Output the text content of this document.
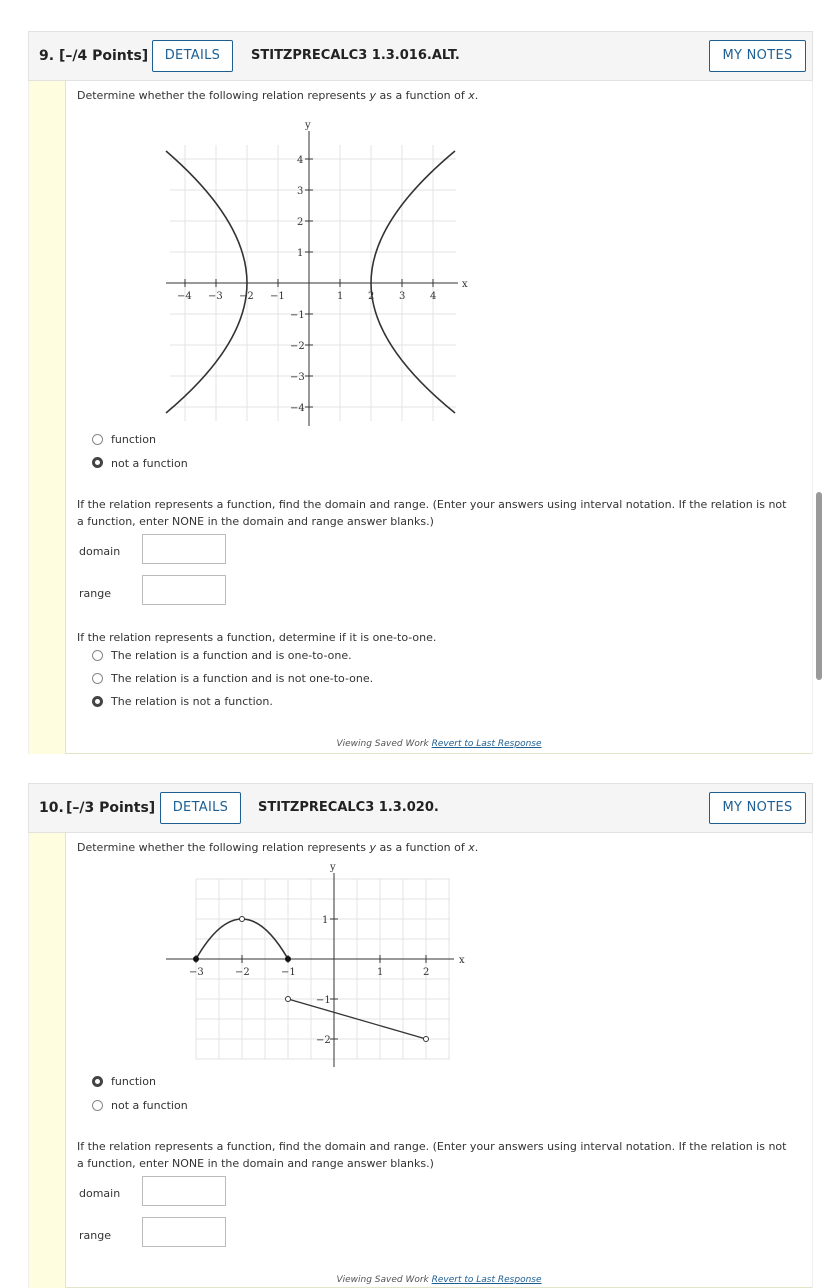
9. [–/4 Points]	DETAILS	STITZPRECALC3 1.3.016.ALT.	MY NOTES
Determine whether the following relation represents y as a function of x.
x
y
−4 −3 −2 −1	1 2 3 4
4
3
2
1
−1
−2
−3
−4
function
not a function
If the relation represents a function, find the domain and range. (Enter your answers using interval notation. If the relation is not
a function, enter NONE in the domain and range answer blanks.)
domain
range
If the relation represents a function, determine if it is one-to-one.
The relation is a function and is one-to-one.
The relation is a function and is not one-to-one.
The relation is not a function.
Viewing Saved Work Revert to Last Response
10. [–/3 Points]	DETAILS	STITZPRECALC3 1.3.020.	MY NOTES
Determine whether the following relation represents y as a function of x.
x
y
−3	−2	−1	1	2
1
−1
−2
function
not a function
If the relation represents a function, find the domain and range. (Enter your answers using interval notation. If the relation is not
a function, enter NONE in the domain and range answer blanks.)
domain
range
Viewing Saved Work Revert to Last Response
